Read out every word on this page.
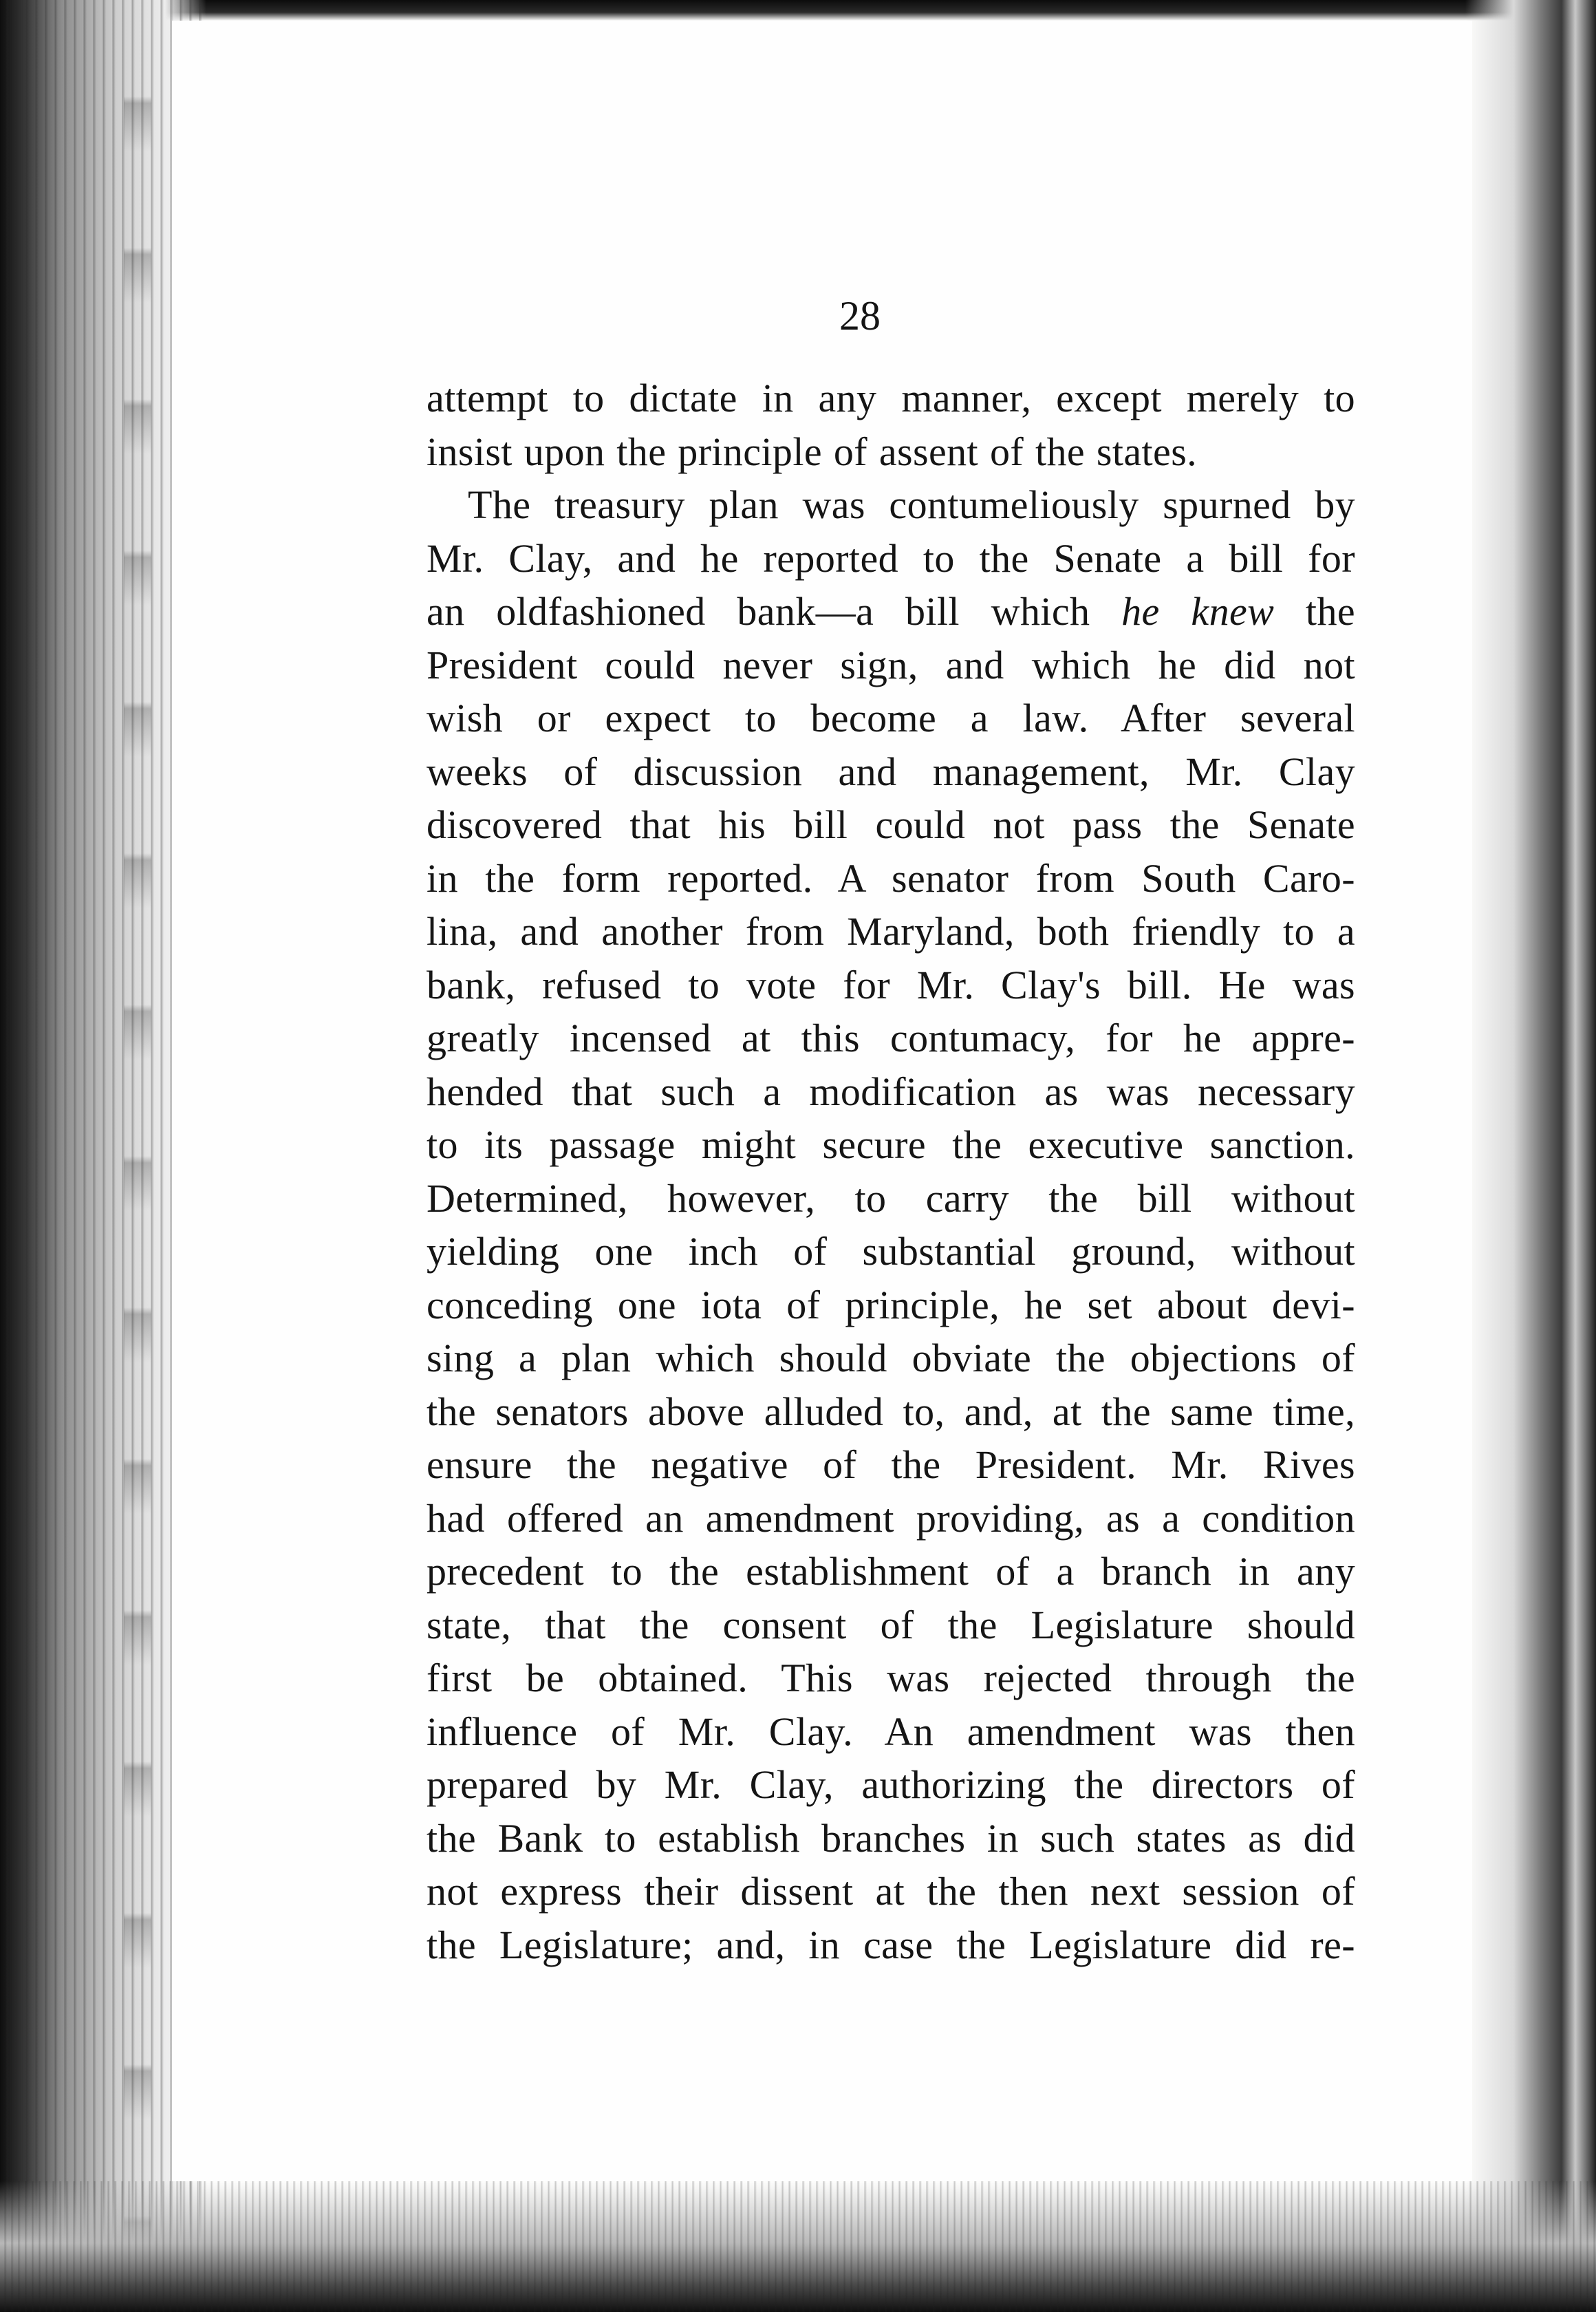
28

attempt to dictate in any manner, except merely to
insist upon the principle of assent of the states.
The treasury plan was contumeliously spurned by
Mr. Clay, and he reported to the Senate a bill for
an oldfashioned bank—a bill which he knew the
President could never sign, and which he did not
wish or expect to become a law. After several
weeks of discussion and management, Mr. Clay
discovered that his bill could not pass the Senate
in the form reported. A senator from South Caro-
lina, and another from Maryland, both friendly to a
bank, refused to vote for Mr. Clay's bill. He was
greatly incensed at this contumacy, for he appre-
hended that such a modification as was necessary
to its passage might secure the executive sanction.
Determined, however, to carry the bill without
yielding one inch of substantial ground, without
conceding one iota of principle, he set about devi-
sing a plan which should obviate the objections of
the senators above alluded to, and, at the same time,
ensure the negative of the President. Mr. Rives
had offered an amendment providing, as a condition
precedent to the establishment of a branch in any
state, that the consent of the Legislature should
first be obtained. This was rejected through the
influence of Mr. Clay. An amendment was then
prepared by Mr. Clay, authorizing the directors of
the Bank to establish branches in such states as did
not express their dissent at the then next session of
the Legislature; and, in case the Legislature did re-
